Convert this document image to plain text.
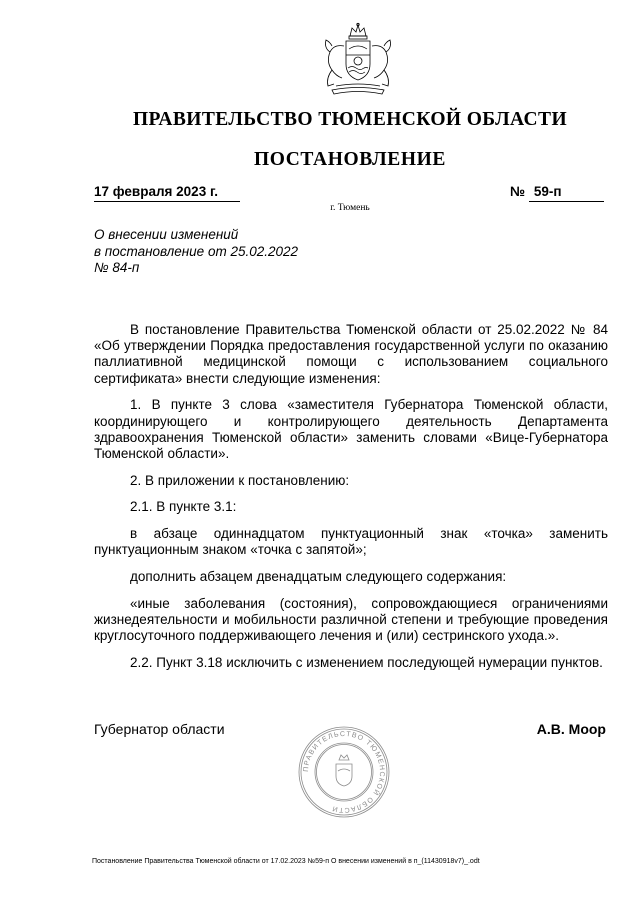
ПРАВИТЕЛЬСТВО ТЮМЕНСКОЙ ОБЛАСТИ
ПОСТАНОВЛЕНИЕ
17 февраля 2023 г.	№ 59-п
г. Тюмень
О внесении изменений
в постановление от 25.02.2022
№ 84-п

В постановление Правительства Тюменской области от 25.02.2022 № 84 «Об утверждении Порядка предоставления государственной услуги по оказанию паллиативной медицинской помощи с использованием социального сертификата» внести следующие изменения:

1. В пункте 3 слова «заместителя Губернатора Тюменской области, координирующего и контролирующего деятельность Департамента здравоохранения Тюменской области» заменить словами «Вице-Губернатора Тюменской области».

2. В приложении к постановлению:

2.1. В пункте 3.1:

в абзаце одиннадцатом пунктуационный знак «точка» заменить пунктуационным знаком «точка с запятой»;

дополнить абзацем двенадцатым следующего содержания:

«иные заболевания (состояния), сопровождающиеся ограничениями жизнедеятельности и мобильности различной степени и требующие проведения круглосуточного поддерживающего лечения и (или) сестринского ухода.».

2.2. Пункт 3.18 исключить с изменением последующей нумерации пунктов.

Губернатор области	А.В. Моор
ПРАВИТЕЛЬСТВО ТЮМЕНСКОЙ ОБЛАСТИ
Постановление Правительства Тюменской области от 17.02.2023 №59-п О внесении изменений в п_(11430918v7)_.odt
